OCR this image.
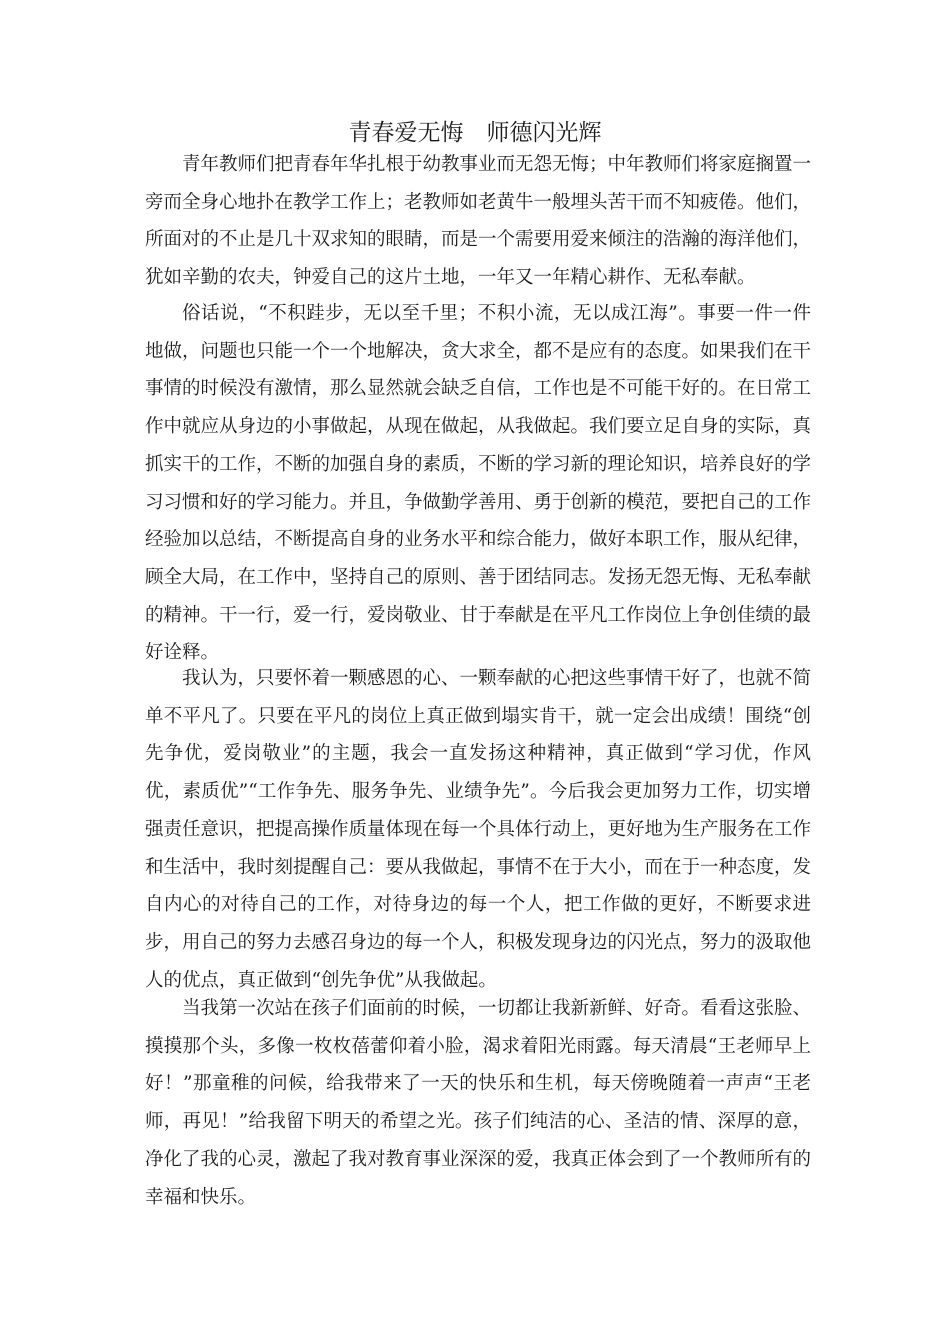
青春爱无悔　师德闪光辉

青年教师们把青春年华扎根于幼教事业而无怨无悔；中年教师们将家庭搁置一旁而全身心地扑在教学工作上；老教师如老黄牛一般埋头苦干而不知疲倦。他们，所面对的不止是几十双求知的眼睛，而是一个需要用爱来倾注的浩瀚的海洋他们，犹如辛勤的农夫，钟爱自己的这片土地，一年又一年精心耕作、无私奉献。

俗话说，“不积跬步，无以至千里；不积小流，无以成江海”。事要一件一件地做，问题也只能一个一个地解决，贪大求全，都不是应有的态度。如果我们在干事情的时候没有激情，那么显然就会缺乏自信，工作也是不可能干好的。在日常工作中就应从身边的小事做起，从现在做起，从我做起。我们要立足自身的实际，真抓实干的工作，不断的加强自身的素质，不断的学习新的理论知识，培养良好的学习习惯和好的学习能力。并且，争做勤学善用、勇于创新的模范，要把自己的工作经验加以总结，不断提高自身的业务水平和综合能力，做好本职工作，服从纪律，顾全大局，在工作中，坚持自己的原则、善于团结同志。发扬无怨无悔、无私奉献的精神。干一行，爱一行，爱岗敬业、甘于奉献是在平凡工作岗位上争创佳绩的最好诠释。

我认为，只要怀着一颗感恩的心、一颗奉献的心把这些事情干好了，也就不简单不平凡了。只要在平凡的岗位上真正做到塌实肯干，就一定会出成绩！围绕“创先争优，爱岗敬业”的主题，我会一直发扬这种精神，真正做到“学习优，作风优，素质优”“工作争先、服务争先、业绩争先”。今后我会更加努力工作，切实增强责任意识，把提高操作质量体现在每一个具体行动上，更好地为生产服务在工作和生活中，我时刻提醒自己：要从我做起，事情不在于大小，而在于一种态度，发自内心的对待自己的工作，对待身边的每一个人，把工作做的更好，不断要求进步，用自己的努力去感召身边的每一个人，积极发现身边的闪光点，努力的汲取他人的优点，真正做到“创先争优”从我做起。

当我第一次站在孩子们面前的时候，一切都让我新新鲜、好奇。看看这张脸、摸摸那个头，多像一枚枚蓓蕾仰着小脸，渴求着阳光雨露。每天清晨“王老师早上好！”那童稚的问候，给我带来了一天的快乐和生机，每天傍晚随着一声声“王老师，再见！”给我留下明天的希望之光。孩子们纯洁的心、圣洁的情、深厚的意，净化了我的心灵，激起了我对教育事业深深的爱，我真正体会到了一个教师所有的幸福和快乐。
